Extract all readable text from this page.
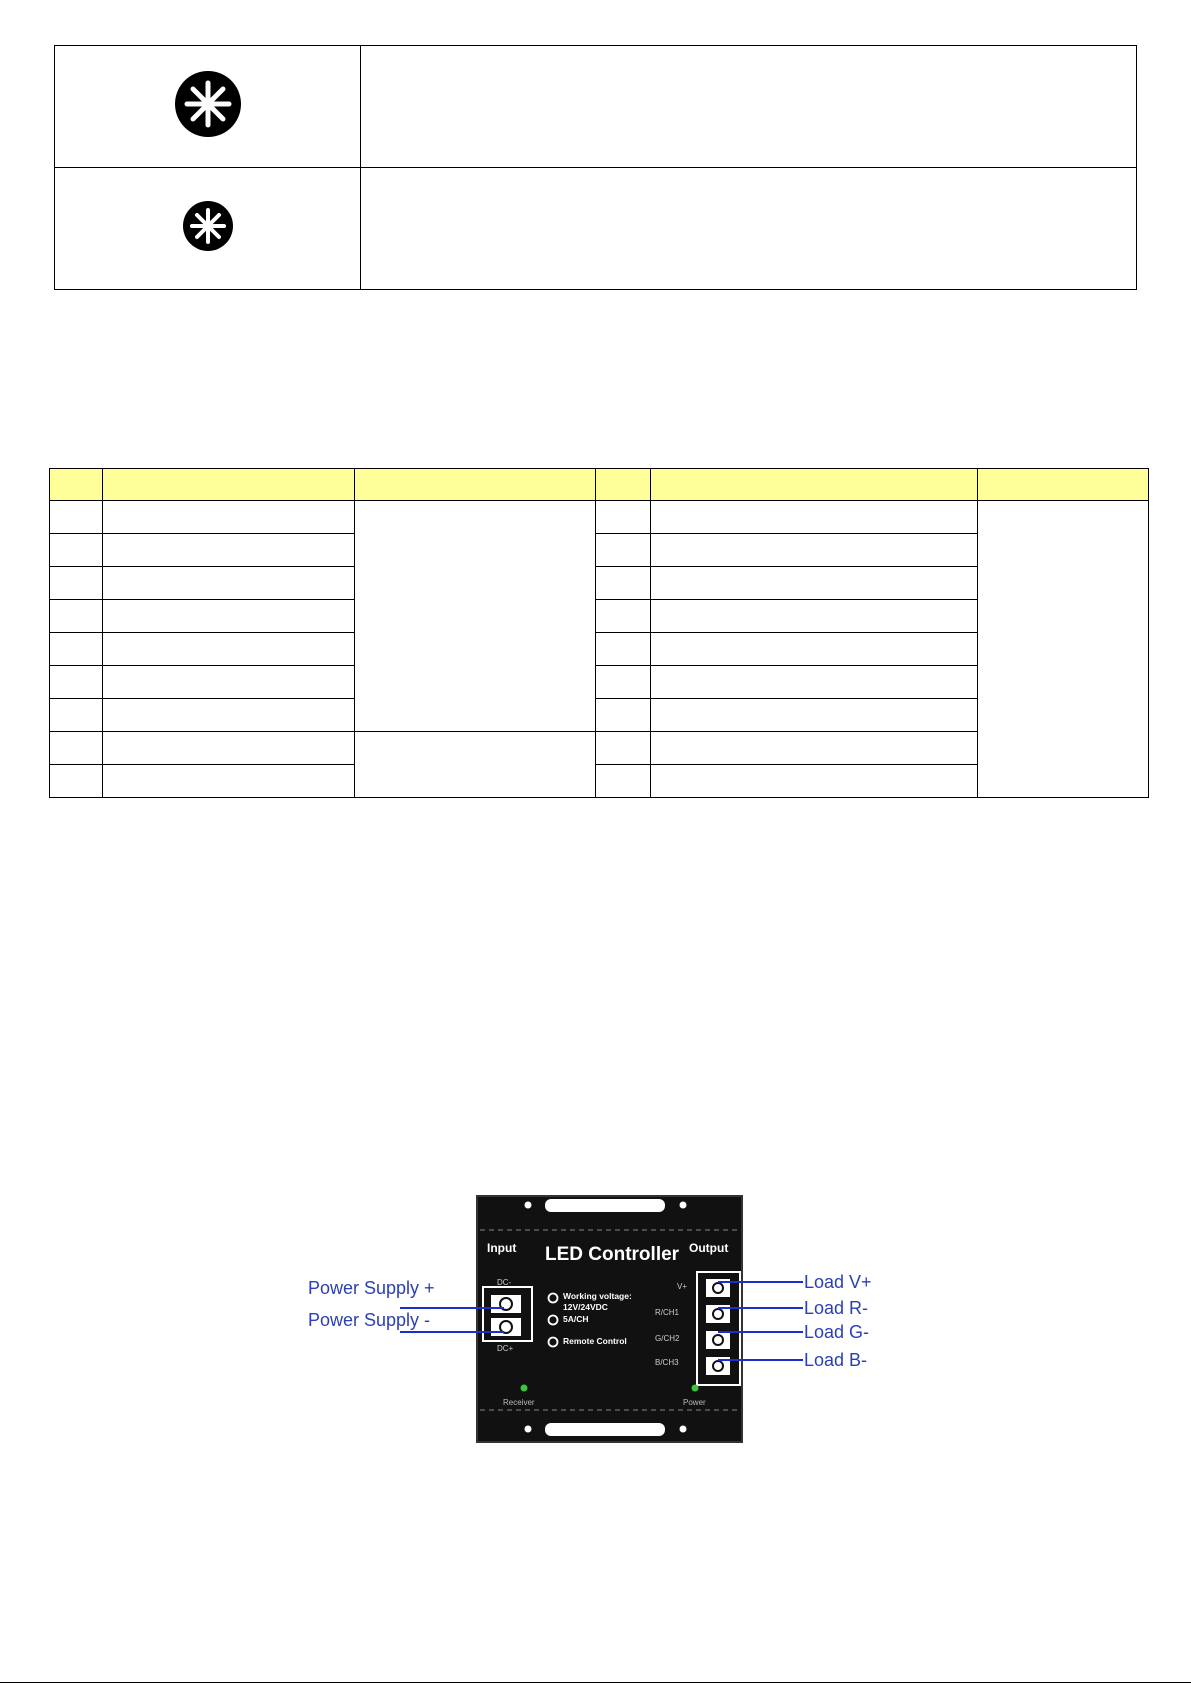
Input	Output
LED Controller
DC-
DC+
V+
R/CH1
G/CH2
B/CH3
Working voltage:
12V/24VDC
5A/CH
Remote Control
Receiver	Power
Power Supply +
Power Supply -
Load V+
Load R-
Load G-
Load B-
